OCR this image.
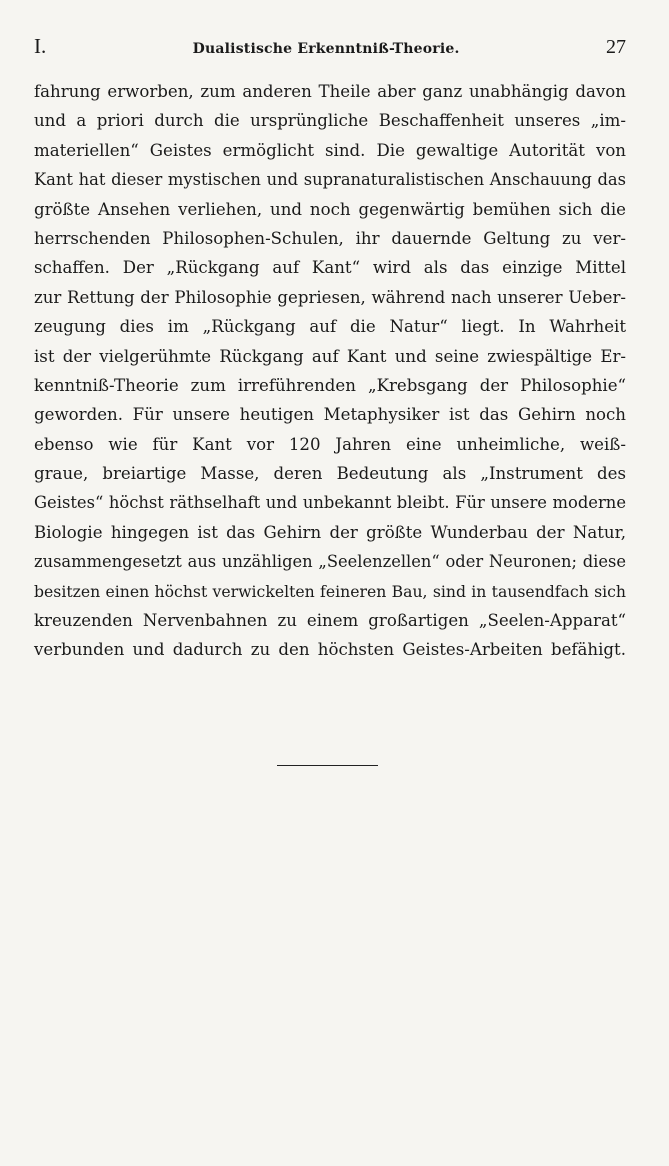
I.	Dualistische Erkenntniß-Theorie.	27
fahrung erworben, zum anderen Theile aber ganz unabhängig davon
und a priori durch die ursprüngliche Beschaffenheit unseres „im-
materiellen“ Geistes ermöglicht sind. Die gewaltige Autorität von
Kant hat dieser mystischen und supranaturalistischen Anschauung das
größte Ansehen verliehen, und noch gegenwärtig bemühen sich die
herrschenden Philosophen-Schulen, ihr dauernde Geltung zu ver-
schaffen. Der „Rückgang auf Kant“ wird als das einzige Mittel
zur Rettung der Philosophie gepriesen, während nach unserer Ueber-
zeugung dies im „Rückgang auf die Natur“ liegt. In Wahrheit
ist der vielgerühmte Rückgang auf Kant und seine zwiespältige Er-
kenntniß-Theorie zum irreführenden „Krebsgang der Philosophie“
geworden. Für unsere heutigen Metaphysiker ist das Gehirn noch
ebenso wie für Kant vor 120 Jahren eine unheimliche, weiß-
graue, breiartige Masse, deren Bedeutung als „Instrument des
Geistes“ höchst räthselhaft und unbekannt bleibt. Für unsere moderne
Biologie hingegen ist das Gehirn der größte Wunderbau der Natur,
zusammengesetzt aus unzähligen „Seelenzellen“ oder Neuronen; diese
besitzen einen höchst verwickelten feineren Bau, sind in tausendfach sich
kreuzenden Nervenbahnen zu einem großartigen „Seelen-Apparat“
verbunden und dadurch zu den höchsten Geistes-Arbeiten befähigt.
